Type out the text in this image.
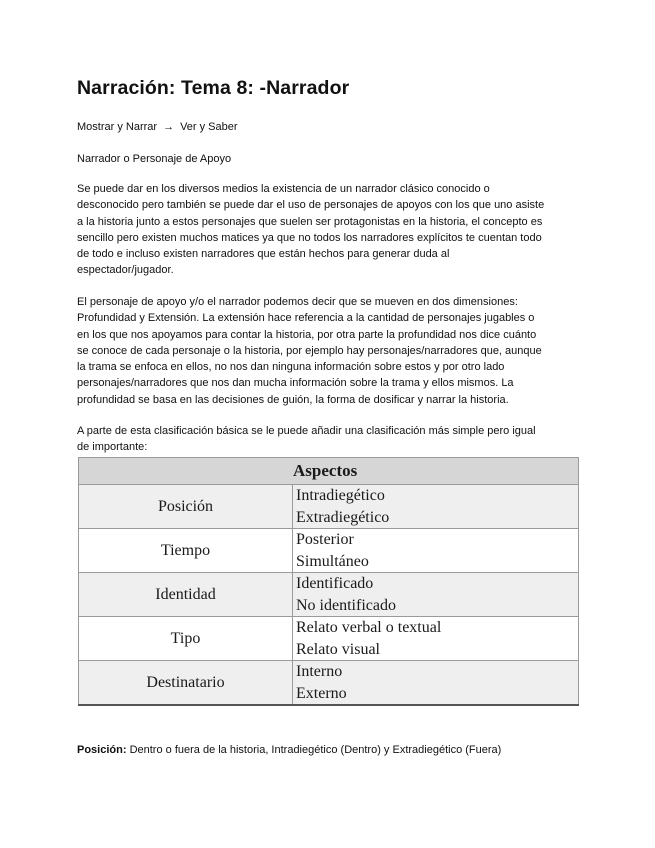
Narración: Tema 8: -Narrador

Mostrar y Narrar → Ver y Saber

Narrador o Personaje de Apoyo

Se puede dar en los diversos medios la existencia de un narrador clásico conocido o
desconocido pero también se puede dar el uso de personajes de apoyos con los que uno asiste
a la historia junto a estos personajes que suelen ser protagonistas en la historia, el concepto es
sencillo pero existen muchos matices ya que no todos los narradores explícitos te cuentan todo
de todo e incluso existen narradores que están hechos para generar duda al
espectador/jugador.
El personaje de apoyo y/o el narrador podemos decir que se mueven en dos dimensiones:
Profundidad y Extensión. La extensión hace referencia a la cantidad de personajes jugables o
en los que nos apoyamos para contar la historia, por otra parte la profundidad nos dice cuánto
se conoce de cada personaje o la historia, por ejemplo hay personajes/narradores que, aunque
la trama se enfoca en ellos, no nos dan ninguna información sobre estos y por otro lado
personajes/narradores que nos dan mucha información sobre la trama y ellos mismos. La
profundidad se basa en las decisiones de guión, la forma de dosificar y narrar la historia.
A parte de esta clasificación básica se le puede añadir una clasificación más simple pero igual
de importante:
Aspectos	

Posición	Intradiegético
Extradiegético

Tiempo	Posterior
Simultáneo

Identidad	Identificado
No identificado

Tipo	Relato verbal o textual
Relato visual

Destinatario	Interno
Externo
Posición: Dentro o fuera de la historia, Intradiegético (Dentro) y Extradiegético (Fuera)
